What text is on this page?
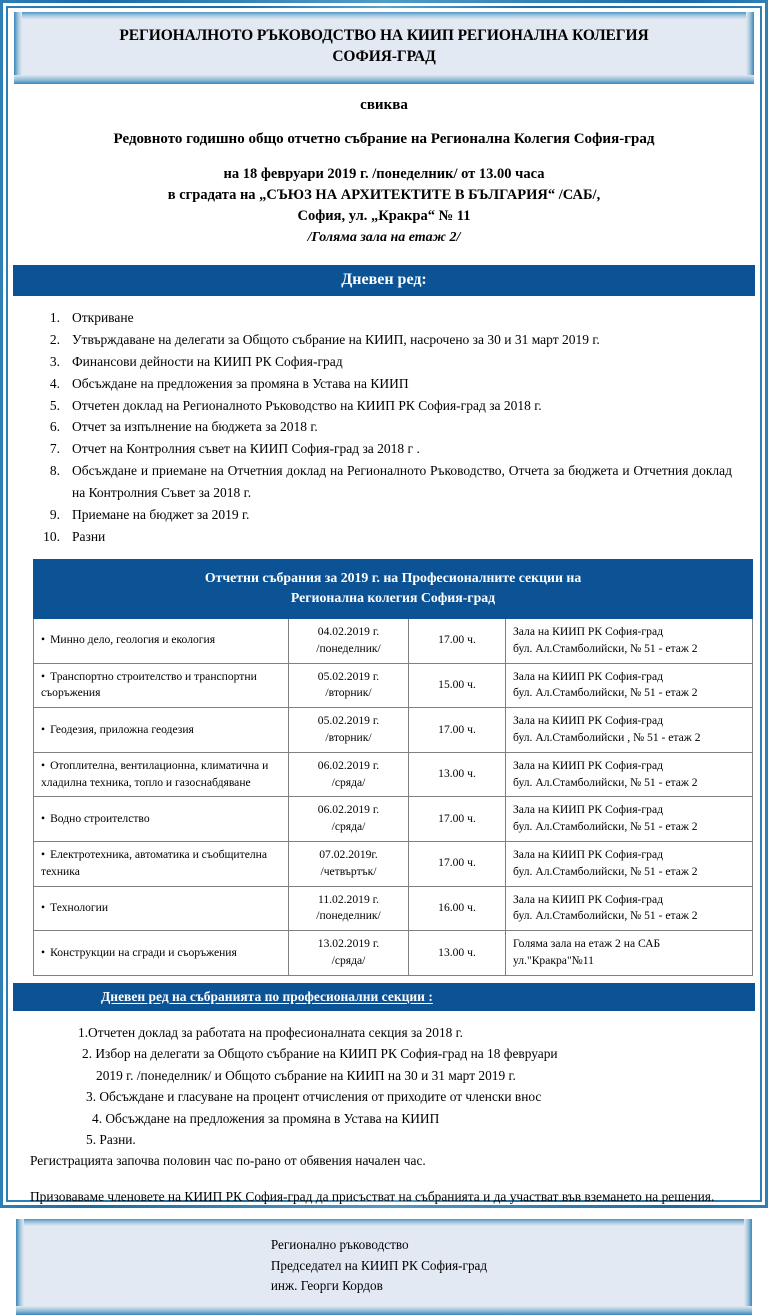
РЕГИОНАЛНОТО РЪКОВОДСТВО НА КИИП РЕГИОНАЛНА КОЛЕГИЯ
СОФИЯ-ГРАД
свиква
Редовното годишно общо отчетно събрание на Регионална Колегия София-град
на 18 февруари 2019 г. /понеделник/ от 13.00 часа
в сградата на „СЪЮЗ НА АРХИТЕКТИТЕ В БЪЛГАРИЯ“ /САБ/,
София, ул. „Кракра“ № 11
/Голяма зала на етаж 2/
Дневен ред:
1. Откриване
2. Утвърждаване на делегати за Общото събрание на КИИП, насрочено за 30 и 31 март 2019 г.
3. Финансови дейности на КИИП РК София-град
4. Обсъждане на предложения за промяна в Устава на КИИП
5. Отчетен доклад на Регионалното Ръководство на КИИП РК София-град за 2018 г.
6. Отчет за изпълнение на бюджета за 2018 г.
7. Отчет на Контролния съвет на КИИП София-град за 2018 г .
8. Обсъждане и приемане на Отчетния доклад на Регионалното Ръководство, Отчета за бюджета и Отчетния доклад на Контролния Съвет за 2018 г.
9. Приемане на бюджет за 2019 г.
10. Разни
Отчетни събрания за 2019 г. на Професионалните секции на
Регионална колегия София-град			
• Минно дело, геология и екология	04.02.2019 г.
/понеделник/	17.00 ч.	Зала на КИИП РК София-град
бул. Ал.Стамболийски, № 51 - етаж 2
• Транспортно строителство и транспортни съоръжения	05.02.2019 г.
/вторник/	15.00 ч.	Зала на КИИП РК София-град
бул. Ал.Стамболийски, № 51 - етаж 2
• Геодезия, приложна геодезия	05.02.2019 г.
/вторник/	17.00 ч.	Зала на КИИП РК София-град
бул. Ал.Стамболийски , № 51 - етаж 2
• Отоплителна, вентилационна, климатична и хладилна техника, топло и газоснабдяване	06.02.2019 г.
/сряда/	13.00 ч.	Зала на КИИП РК София-град
бул. Ал.Стамболийски, № 51 - етаж 2
• Водно строителство	06.02.2019 г.
/сряда/	17.00 ч.	Зала на КИИП РК София-град
бул. Ал.Стамболийски, № 51 - етаж 2
• Електротехника, автоматика и съобщителна техника	07.02.2019г.
/четвъртък/	17.00 ч.	Зала на КИИП РК София-град
бул. Ал.Стамболийски, № 51 - етаж 2
• Технологии	11.02.2019 г.
/понеделник/	16.00 ч.	Зала на КИИП РК София-град
бул. Ал.Стамболийски, № 51 - етаж 2
• Конструкции на сгради и съоръжения	13.02.2019 г.
/сряда/	13.00 ч.	Голяма зала на етаж 2 на САБ
ул."Кракра"№11
Дневен ред на събранията по професионални секции :
1.Отчетен доклад за работата на професионалната секция за 2018 г.
2. Избор на делегати за Общото събрание на КИИП РК София-град на 18 февруари
2019 г. /понеделник/ и Общото събрание на КИИП на 30 и 31 март 2019 г.
3. Обсъждане и гласуване на процент отчисления от приходите от членски внос
4. Обсъждане на предложения за промяна в Устава на КИИП
5. Разни.
Регистрацията започва половин час по-рано от обявения начален час.
Призоваваме членовете на КИИП РК София-град да присъстват на събранията и да участват във вземането на решения.
Регионално ръководство
Председател на КИИП РК София-град
инж. Георги Кордов
